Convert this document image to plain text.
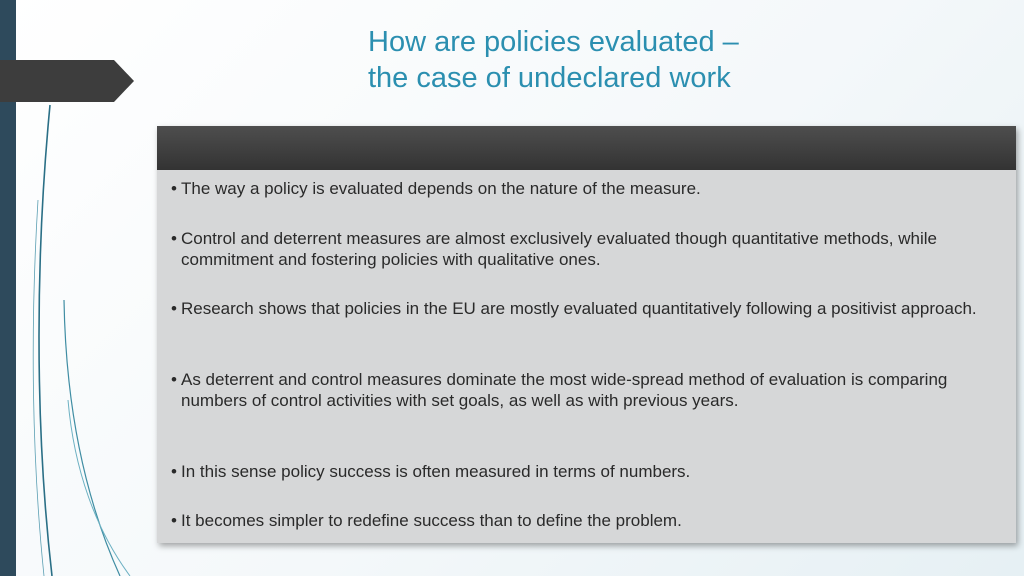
How are policies evaluated –
the case of undeclared work
• The way a policy is evaluated depends on the nature of the measure.
• Control and deterrent measures are almost exclusively evaluated though quantitative methods, while commitment and fostering policies with qualitative ones.
• Research shows that policies in the EU are mostly evaluated quantitatively following a positivist approach.
• As deterrent and control measures dominate the most wide-spread method of evaluation is comparing numbers of control activities with set goals, as well as with previous years.
• In this sense policy success is often measured in terms of numbers.
• It becomes simpler to redefine success than to define the problem.
